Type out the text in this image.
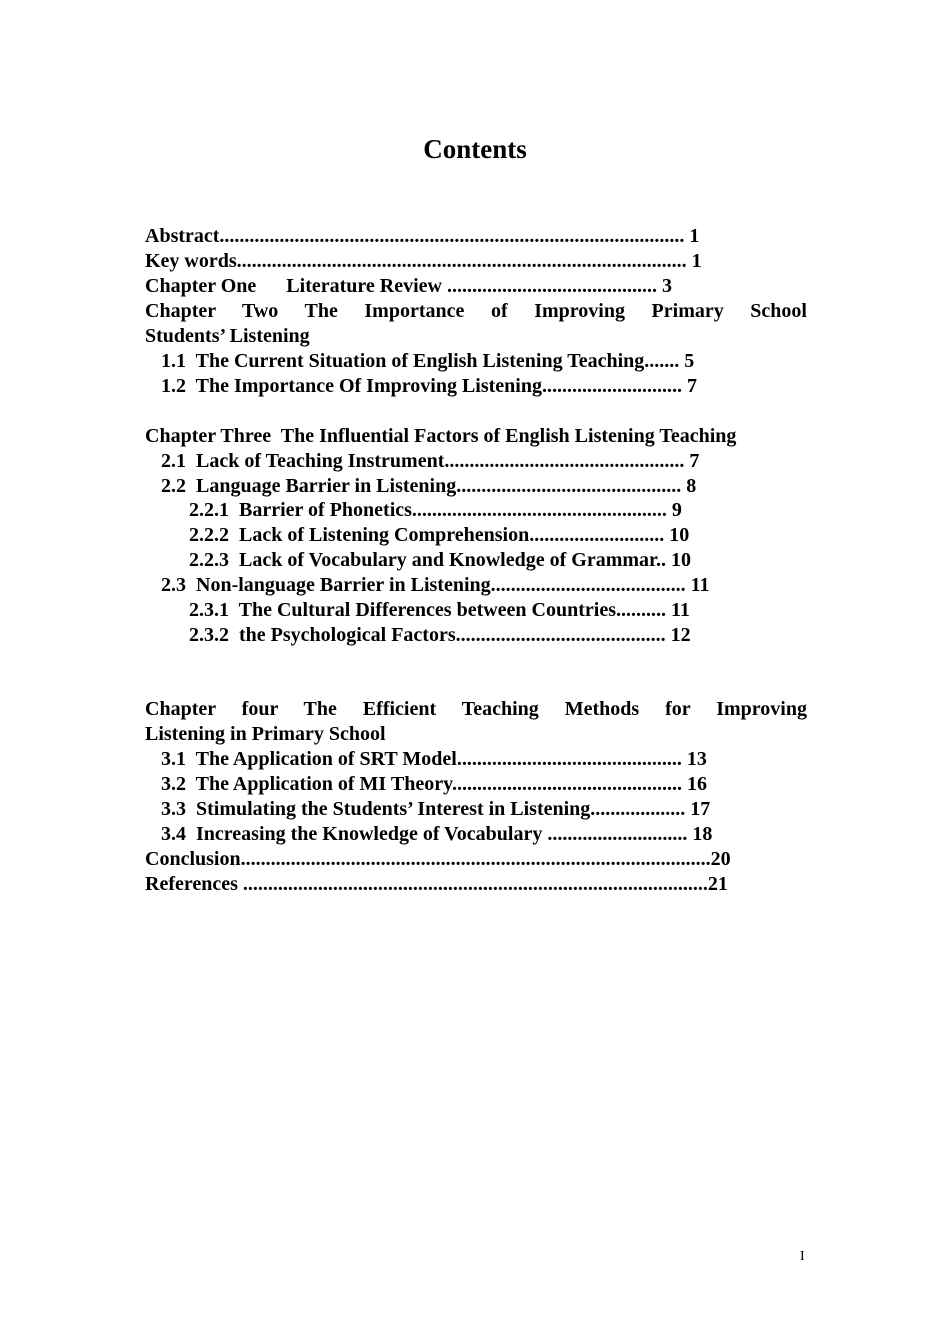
Contents
Abstract............................................................................................. 1
Key words.......................................................................................... 1
Chapter One      Literature Review .......................................... 3
Chapter Two The Importance of Improving Primary School
Students’ Listening
1.1  The Current Situation of English Listening Teaching....... 5
1.2  The Importance Of Improving Listening............................ 7
Chapter Three  The Influential Factors of English Listening Teaching
2.1  Lack of Teaching Instrument................................................ 7
2.2  Language Barrier in Listening............................................. 8
2.2.1  Barrier of Phonetics................................................... 9
2.2.2  Lack of Listening Comprehension........................... 10
2.2.3  Lack of Vocabulary and Knowledge of Grammar.. 10
2.3  Non-language Barrier in Listening....................................... 11
2.3.1  The Cultural Differences between Countries.......... 11
2.3.2  the Psychological Factors.......................................... 12
Chapter four The Efficient Teaching Methods for Improving
Listening in Primary School
3.1  The Application of SRT Model............................................. 13
3.2  The Application of MI Theory.............................................. 16
3.3  Stimulating the Students’ Interest in Listening................... 17
3.4  Increasing the Knowledge of Vocabulary ............................ 18
Conclusion..............................................................................................20
References .............................................................................................21
I
